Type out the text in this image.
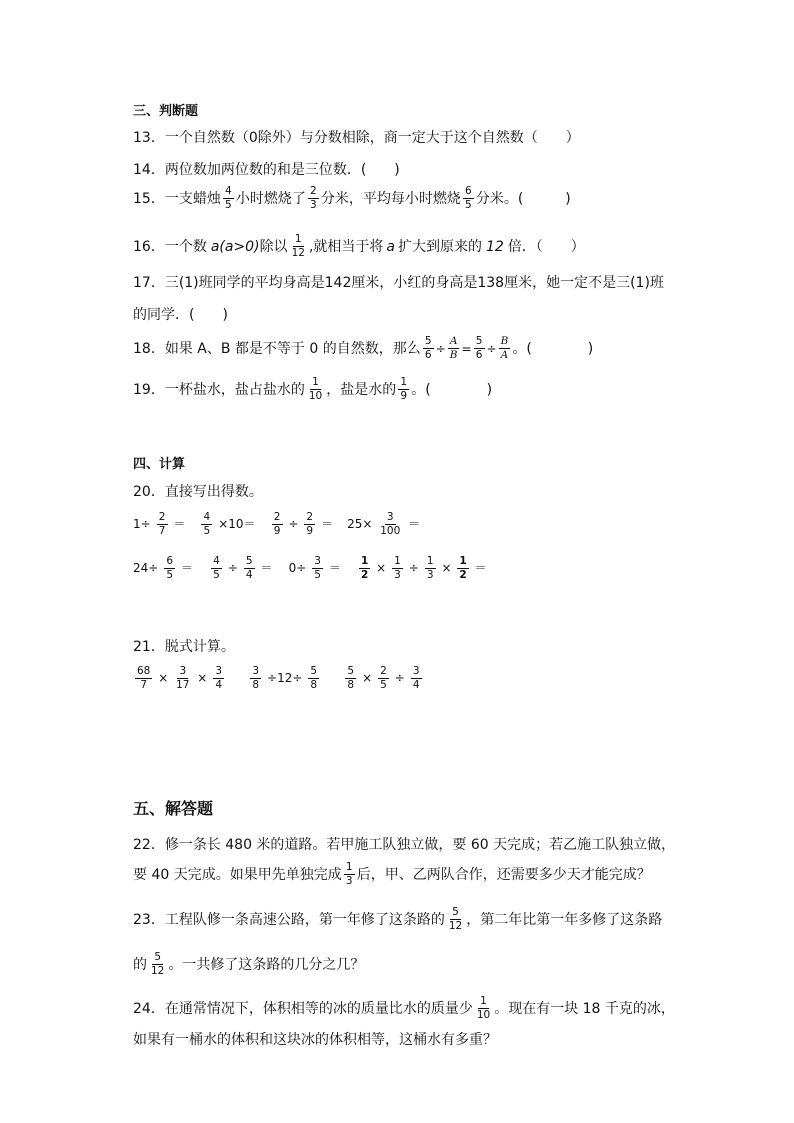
三、判断题
13．一个自然数（0除外）与分数相除，商一定大于这个自然数（　　）
14．两位数加两位数的和是三位数．(　　)
15．一支蜡烛 4
5 小时燃烧了 2
3 分米，平均每小时燃烧 6
5 分米。(　　　)
16．一个数 a(a>0) 除以 1
12 ,就相当于将 a 扩大到原来的 12 倍．（　　）
17．三(1)班同学的平均身高是142厘米，小红的身高是138厘米，她一定不是三(1)班
的同学．(　　)
18．如果 A、B 都是不等于 0 的自然数，那么 $\frac{5}{6} \div \frac{A}{B} = \frac{5}{6} \div \frac{B}{A}$ 。(　　　　)
19．一杯盐水，盐占盐水的 1
10 ，盐是水的 1
9 。(　　　　)
四、计算
20．直接写出得数。
$1\div \frac{2}{7} = \frac{4}{5} \times 10= \frac{2}{9} \div \frac{2}{9} = 25\times \frac{3}{100}$ ＝
$24\div \frac{6}{5} = \frac{4}{5} \div \frac{5}{4} = 0\div \frac{3}{5} = \frac{1}{2} \times \frac{1}{3} \div \frac{1}{3} \times \frac{1}{2}$ ＝
21．脱式计算。
$\frac{68}{7} \times \frac{3}{17} \times \frac{3}{4} \frac{3}{8} \div 12\div \frac{5}{8} \frac{5}{8} \times \frac{2}{5} \div \frac{3}{4}$
五、解答题
22．修一条长 480 米的道路。若甲施工队独立做，要 60 天完成；若乙施工队独立做，
要 40 天完成。如果甲先单独完成 1
3 后，甲、乙两队合作，还需要多少天才能完成？
23．工程队修一条高速公路，第一年修了这条路的 5
12 ，第二年比第一年多修了这条路
的 5
12 。一共修了这条路的几分之几？
24．在通常情况下，体积相等的冰的质量比水的质量少 1
10 。现在有一块 18 千克的冰，
如果有一桶水的体积和这块冰的体积相等，这桶水有多重？
